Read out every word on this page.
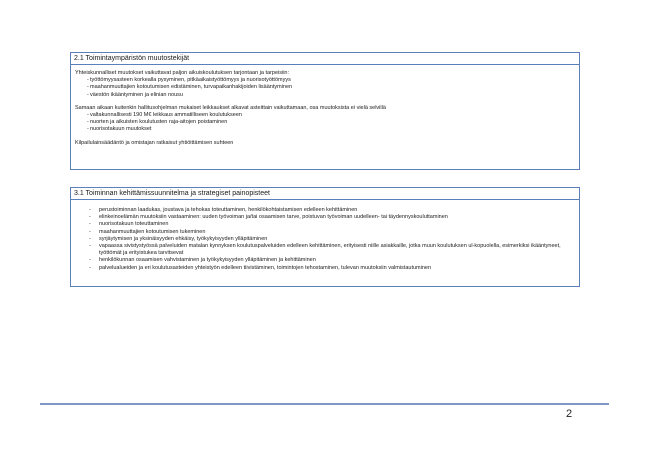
2.1 Toimintaympäristön muutostekijät

Yhteiskunnalliset muutokset vaikuttavat paljon aikuiskoulutuksen tarjontaan ja tarpeisiin:

- työttömyysasteen korkealla pysyminen, pitkäaikaistyöttömyys ja nuorisotyöttömyys
- maahanmuuttajien kotoutumisen edistäminen, turvapaikanhakijoiden lisääntyminen
- väestön ikääntyminen ja elinian nousu

Samaan aikaan kuitenkin hallitusohjelman mukaiset leikkaukset alkavat asteittain vaikuttamaan, osa muutoksista ei vielä selvillä

- valtakunnallisesti 190 M€ leikkaus ammatilliseen koulutukseen
- nuorten ja aikuisten koulutusten raja-aitojen poistaminen
- nuorisotakuun muutokset

Kilpailulainsäädäntö ja omistajan ratkaisut yhtiöittämisen suhteen

3.1 Toiminnan kehittämissuunnitelma ja strategiset painopisteet
- perustoiminnan laadukas, joustava ja tehokas toteuttaminen, henkilökohtaistamisen edelleen kehittäminen
- elinkeinoelämän muutoksiin vastaaminen: uuden työvoiman ja/tai osaamisen tarve, poistuvan työvoiman uudelleen- tai täydennyskouluttaminen
- nuorisotakuun toteuttaminen
- maahanmuuttajien kotoutumisen tukeminen
- syrjäytymisen ja yksinäisyyden ehkäisy, työkykyisyyden ylläpitäminen
- vapaassa sivistystyössä palveluiden matalan kynnyksen koulutuspalveluiden edelleen kehittäminen, erityisesti niille asiakkaille, jotka muun koulutuksen ul-kopuolella, esimerkiksi ikääntyneet, työttömät ja erityistukea tarvitsevat
- henkilökunnan osaamisen vahvistaminen ja työkykyisyyden ylläpitäminen ja kehittäminen
- palvelualueiden ja eri koulutusasteiden yhteistyön edelleen tiivistäminen, toimintojen tehostaminen, tulevan muutoksiin valmistautuminen
2
